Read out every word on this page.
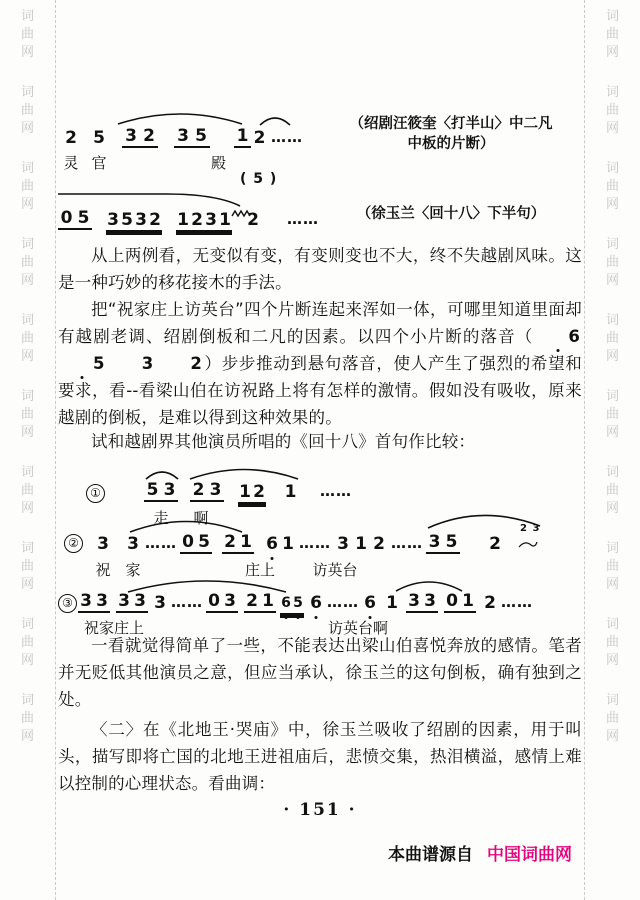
词
曲
网
词
曲
网
词
曲
网
词
曲
网
词
曲
网
词
曲
网
词
曲
网
词
曲
网
词
曲
网
词
曲
网
词
曲
网
词
曲
网
词
曲
网
词
曲
网
词
曲
网
词
曲
网
词
曲
网
词
曲
网
词
曲
网
词
曲
网
2 5	3 2 3 5 1 2 ……
灵 官	殿
（绍剧汪筱奎〈打半山〉中二凡
中板的片断）
( 5 )
0 5 3 5 3 2 1 2 3 1 2 ……	（徐玉兰〈回十八〉下半句）

从上两例看，无变似有变，有变则变也不大，终不失越剧风味。这是一种巧妙的移花接木的手法。

把“祝家庄上访英台”四个片断连起来浑如一体，可哪里知道里面却有越剧老调、绍剧倒板和二凡的因素。以四个小片断的落音（ 65 3 2 ）步步推动到悬句落音，使人产生了强烈的希望和要求，看--看梁山伯在访祝路上将有怎样的激情。假如没有吸收，原来越剧的倒板，是难以得到这种效果的。

试和越剧界其他演员所唱的《回十八》首句作比较：

①	5 3 2 3 1 2 1 ……
走	啊
②
2 3
3 3 …… 0 5 2 1 6 1 …… 3 1 2 …… 3 5 2
祝 家	庄上 访英台
③ 3 3 3 3 3 …… 0 3 2 1 6 5 6 …… 6 1 3 3 0 1 2 ……
祝家庄上	访英台啊

一看就觉得简单了一些，不能表达出梁山伯喜悦奔放的感情。笔者并无贬低其他演员之意，但应当承认，徐玉兰的这句倒板，确有独到之处。

〈二〉在《北地王·哭庙》中，徐玉兰吸收了绍剧的因素，用于叫头，描写即将亡国的北地王进祖庙后，悲愤交集，热泪横溢，感情上难以控制的心理状态。看曲调：

· 151 ·
本曲谱源自 中国词曲网
